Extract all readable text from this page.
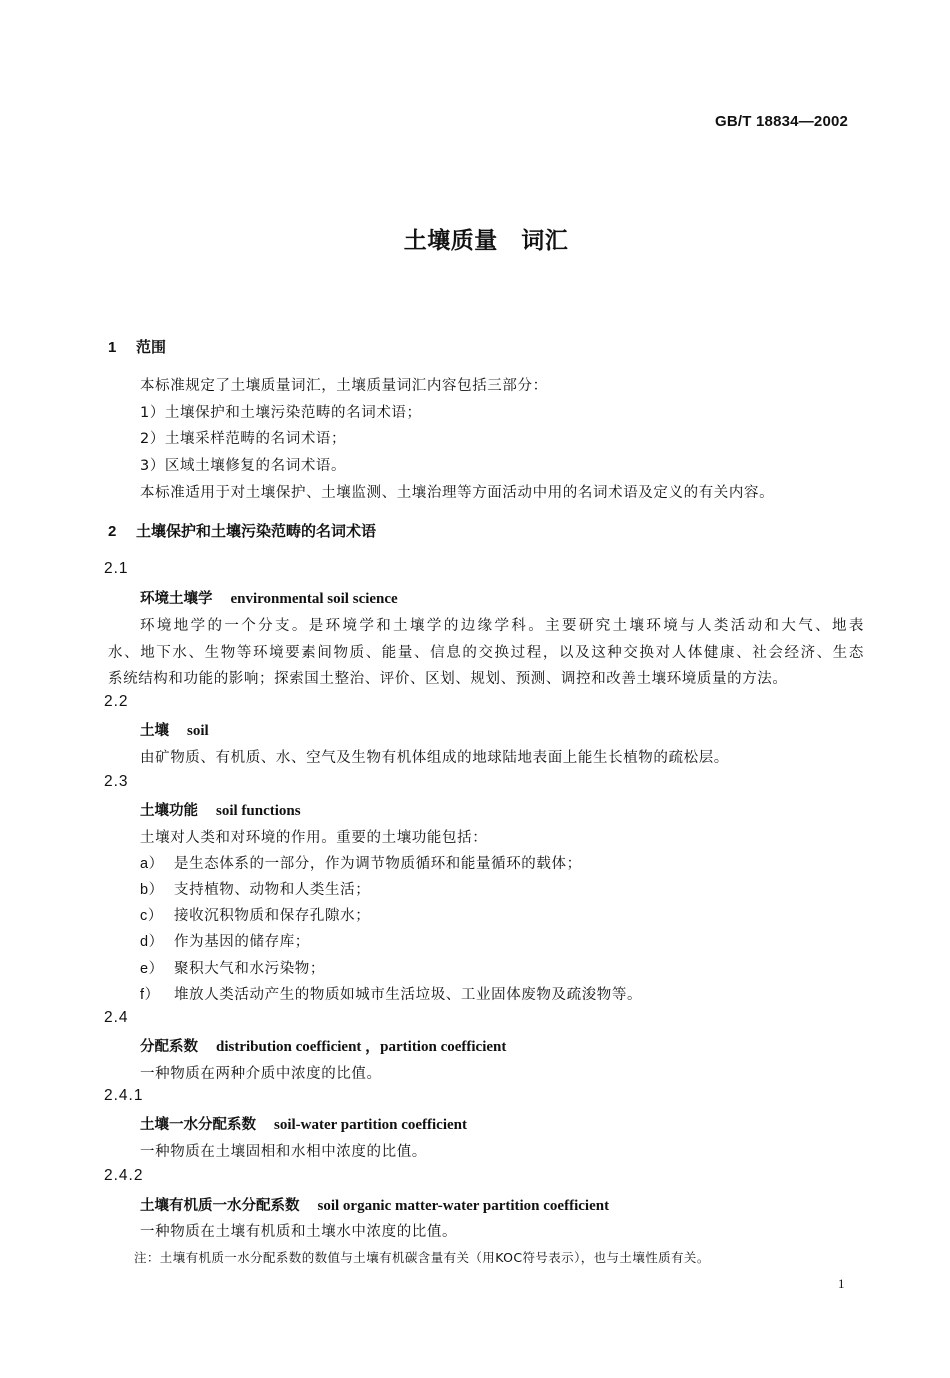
GB/T 18834—2002
土壤质量　词汇
1 范围
本标准规定了土壤质量词汇，土壤质量词汇内容包括三部分：
1）土壤保护和土壤污染范畴的名词术语；
2）土壤采样范畴的名词术语；
3）区域土壤修复的名词术语。
本标准适用于对土壤保护、土壤监测、土壤治理等方面活动中用的名词术语及定义的有关内容。
2 土壤保护和土壤污染范畴的名词术语
2.1
环境土壤学 environmental soil science
环境地学的一个分支。是环境学和土壤学的边缘学科。主要研究土壤环境与人类活动和大气、地表
水、地下水、生物等环境要素间物质、能量、信息的交换过程，以及这种交换对人体健康、社会经济、生态
系统结构和功能的影响；探索国土整治、评价、区划、规划、预测、调控和改善土壤环境质量的方法。
2.2
土壤 soil
由矿物质、有机质、水、空气及生物有机体组成的地球陆地表面上能生长植物的疏松层。
2.3
土壤功能 soil functions
土壤对人类和对环境的作用。重要的土壤功能包括：
a） 是生态体系的一部分，作为调节物质循环和能量循环的载体；
b） 支持植物、动物和人类生活；
c） 接收沉积物质和保存孔隙水；
d） 作为基因的储存库；
e） 聚积大气和水污染物；
f） 堆放人类活动产生的物质如城市生活垃圾、工业固体废物及疏浚物等。
2.4
分配系数 distribution coefficient ，partition coefficient
一种物质在两种介质中浓度的比值。
2.4.1
土壤一水分配系数 soil-water partition coefficient
一种物质在土壤固相和水相中浓度的比值。
2.4.2
土壤有机质一水分配系数 soil organic matter-water partition coefficient
一种物质在土壤有机质和土壤水中浓度的比值。
注：土壤有机质一水分配系数的数值与土壤有机碳含量有关（用KOC符号表示），也与土壤性质有关。
1
